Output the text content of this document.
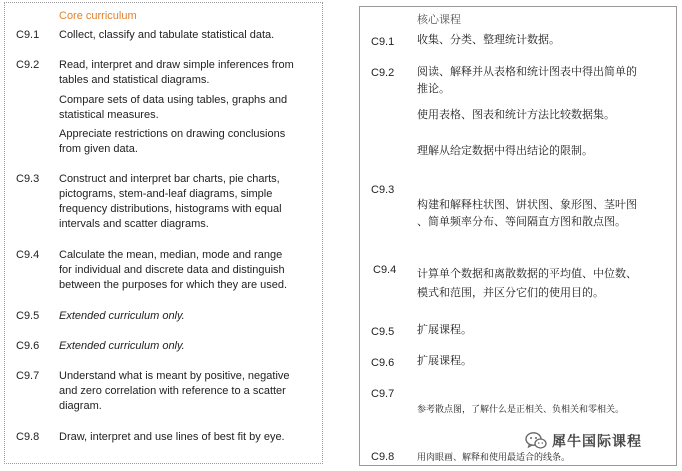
Core curriculum
C9.1 Collect, classify and tabulate statistical data.
C9.2 Read, interpret and draw simple inferences from
tables and statistical diagrams.
Compare sets of data using tables, graphs and
statistical measures.
Appreciate restrictions on drawing conclusions
from given data.
C9.3 Construct and interpret bar charts, pie charts,
pictograms, stem-and-leaf diagrams, simple
frequency distributions, histograms with equal
intervals and scatter diagrams.
C9.4 Calculate the mean, median, mode and range
for individual and discrete data and distinguish
between the purposes for which they are used.
C9.5 Extended curriculum only.
C9.6 Extended curriculum only.
C9.7 Understand what is meant by positive, negative
and zero correlation with reference to a scatter
diagram.
C9.8 Draw, interpret and use lines of best fit by eye.
核心课程
C9.1 收集、分类、整理统计数据。
C9.2 阅读、解释并从表格和统计图表中得出简单的
推论。
使用表格、图表和统计方法比较数据集。
理解从给定数据中得出结论的限制。
C9.3
构建和解释柱状图、饼状图、象形图、茎叶图
、简单频率分布、等间隔直方图和散点图。
C9.4 计算单个数据和离散数据的平均值、中位数、
模式和范围，并区分它们的使用目的。
C9.5 扩展课程。
C9.6 扩展课程。
C9.7
参考散点图，了解什么是正相关、负相关和零相关。
C9.8	用肉眼画、解释和使用最适合的线条。
犀牛国际课程
